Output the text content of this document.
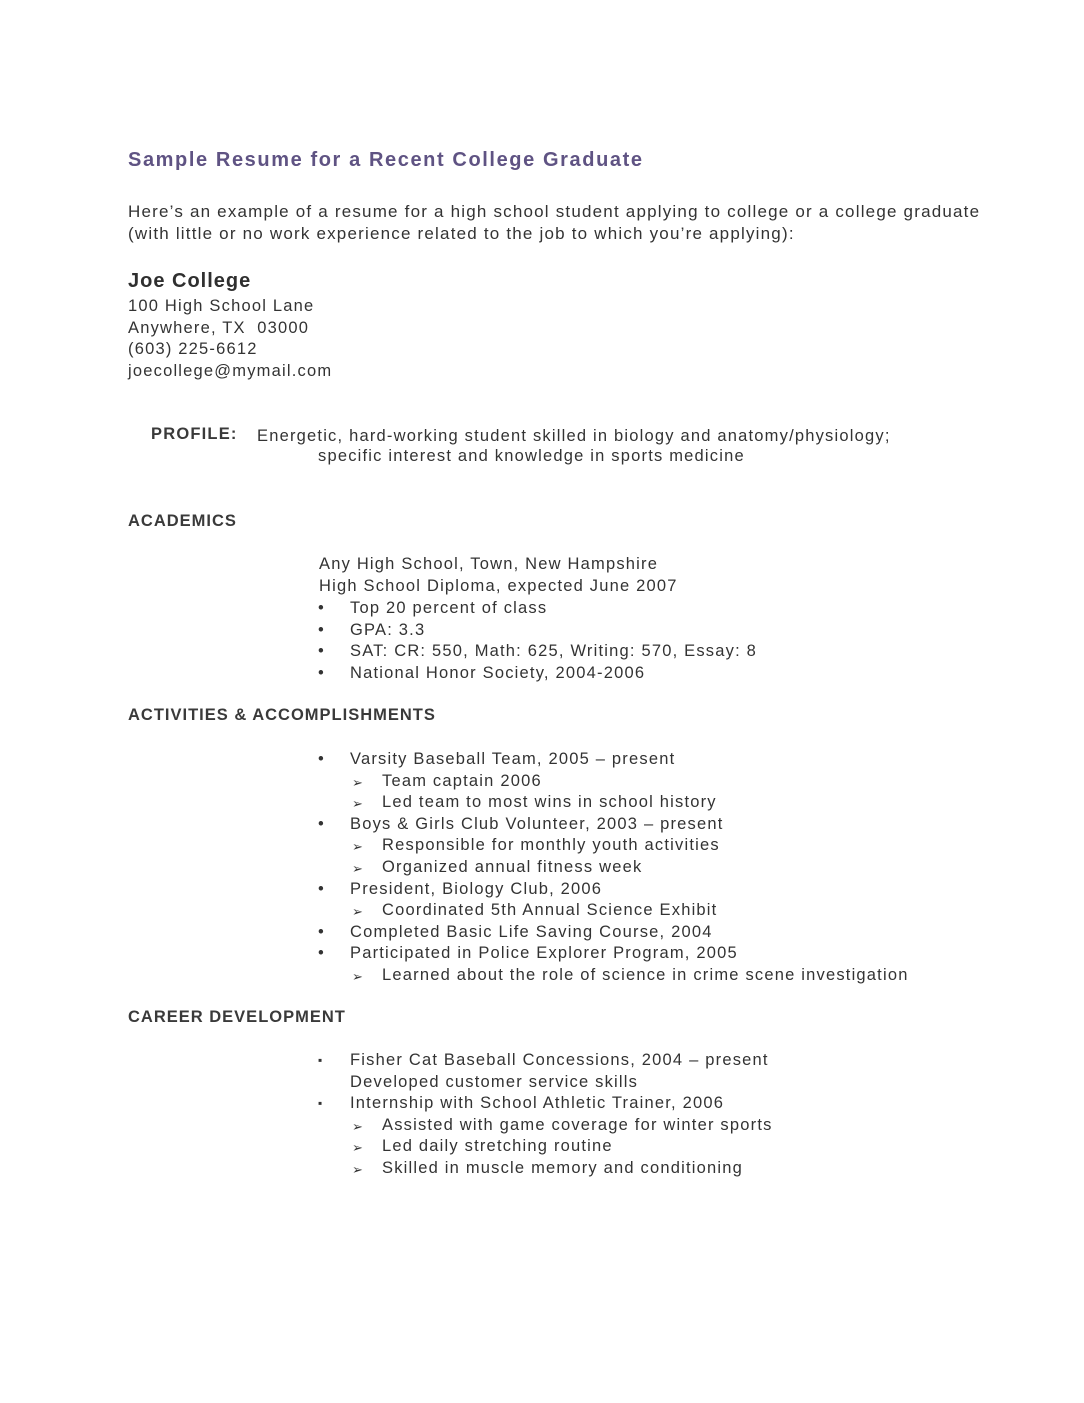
Sample Resume for a Recent College Graduate
Here’s an example of a resume for a high school student applying to college or a college graduate (with little or no work experience related to the job to which you’re applying):
Joe College
100 High School Lane
Anywhere, TX  03000
(603) 225-6612
joecollege@mymail.com
PROFILE: Energetic, hard-working student skilled in biology and anatomy/physiology;
specific interest and knowledge in sports medicine
ACADEMICS
Any High School, Town, New Hampshire
High School Diploma, expected June 2007
• Top 20 percent of class
• GPA: 3.3
• SAT: CR: 550, Math: 625, Writing: 570, Essay: 8
• National Honor Society, 2004-2006
ACTIVITIES & ACCOMPLISHMENTS
• Varsity Baseball Team, 2005 – present
➢ Team captain 2006
➢ Led team to most wins in school history
• Boys & Girls Club Volunteer, 2003 – present
➢ Responsible for monthly youth activities
➢ Organized annual fitness week
• President, Biology Club, 2006
➢ Coordinated 5th Annual Science Exhibit
• Completed Basic Life Saving Course, 2004
• Participated in Police Explorer Program, 2005
➢ Learned about the role of science in crime scene investigation
CAREER DEVELOPMENT
▪ Fisher Cat Baseball Concessions, 2004 – present
Developed customer service skills
▪ Internship with School Athletic Trainer, 2006
➢ Assisted with game coverage for winter sports
➢ Led daily stretching routine
➢ Skilled in muscle memory and conditioning
